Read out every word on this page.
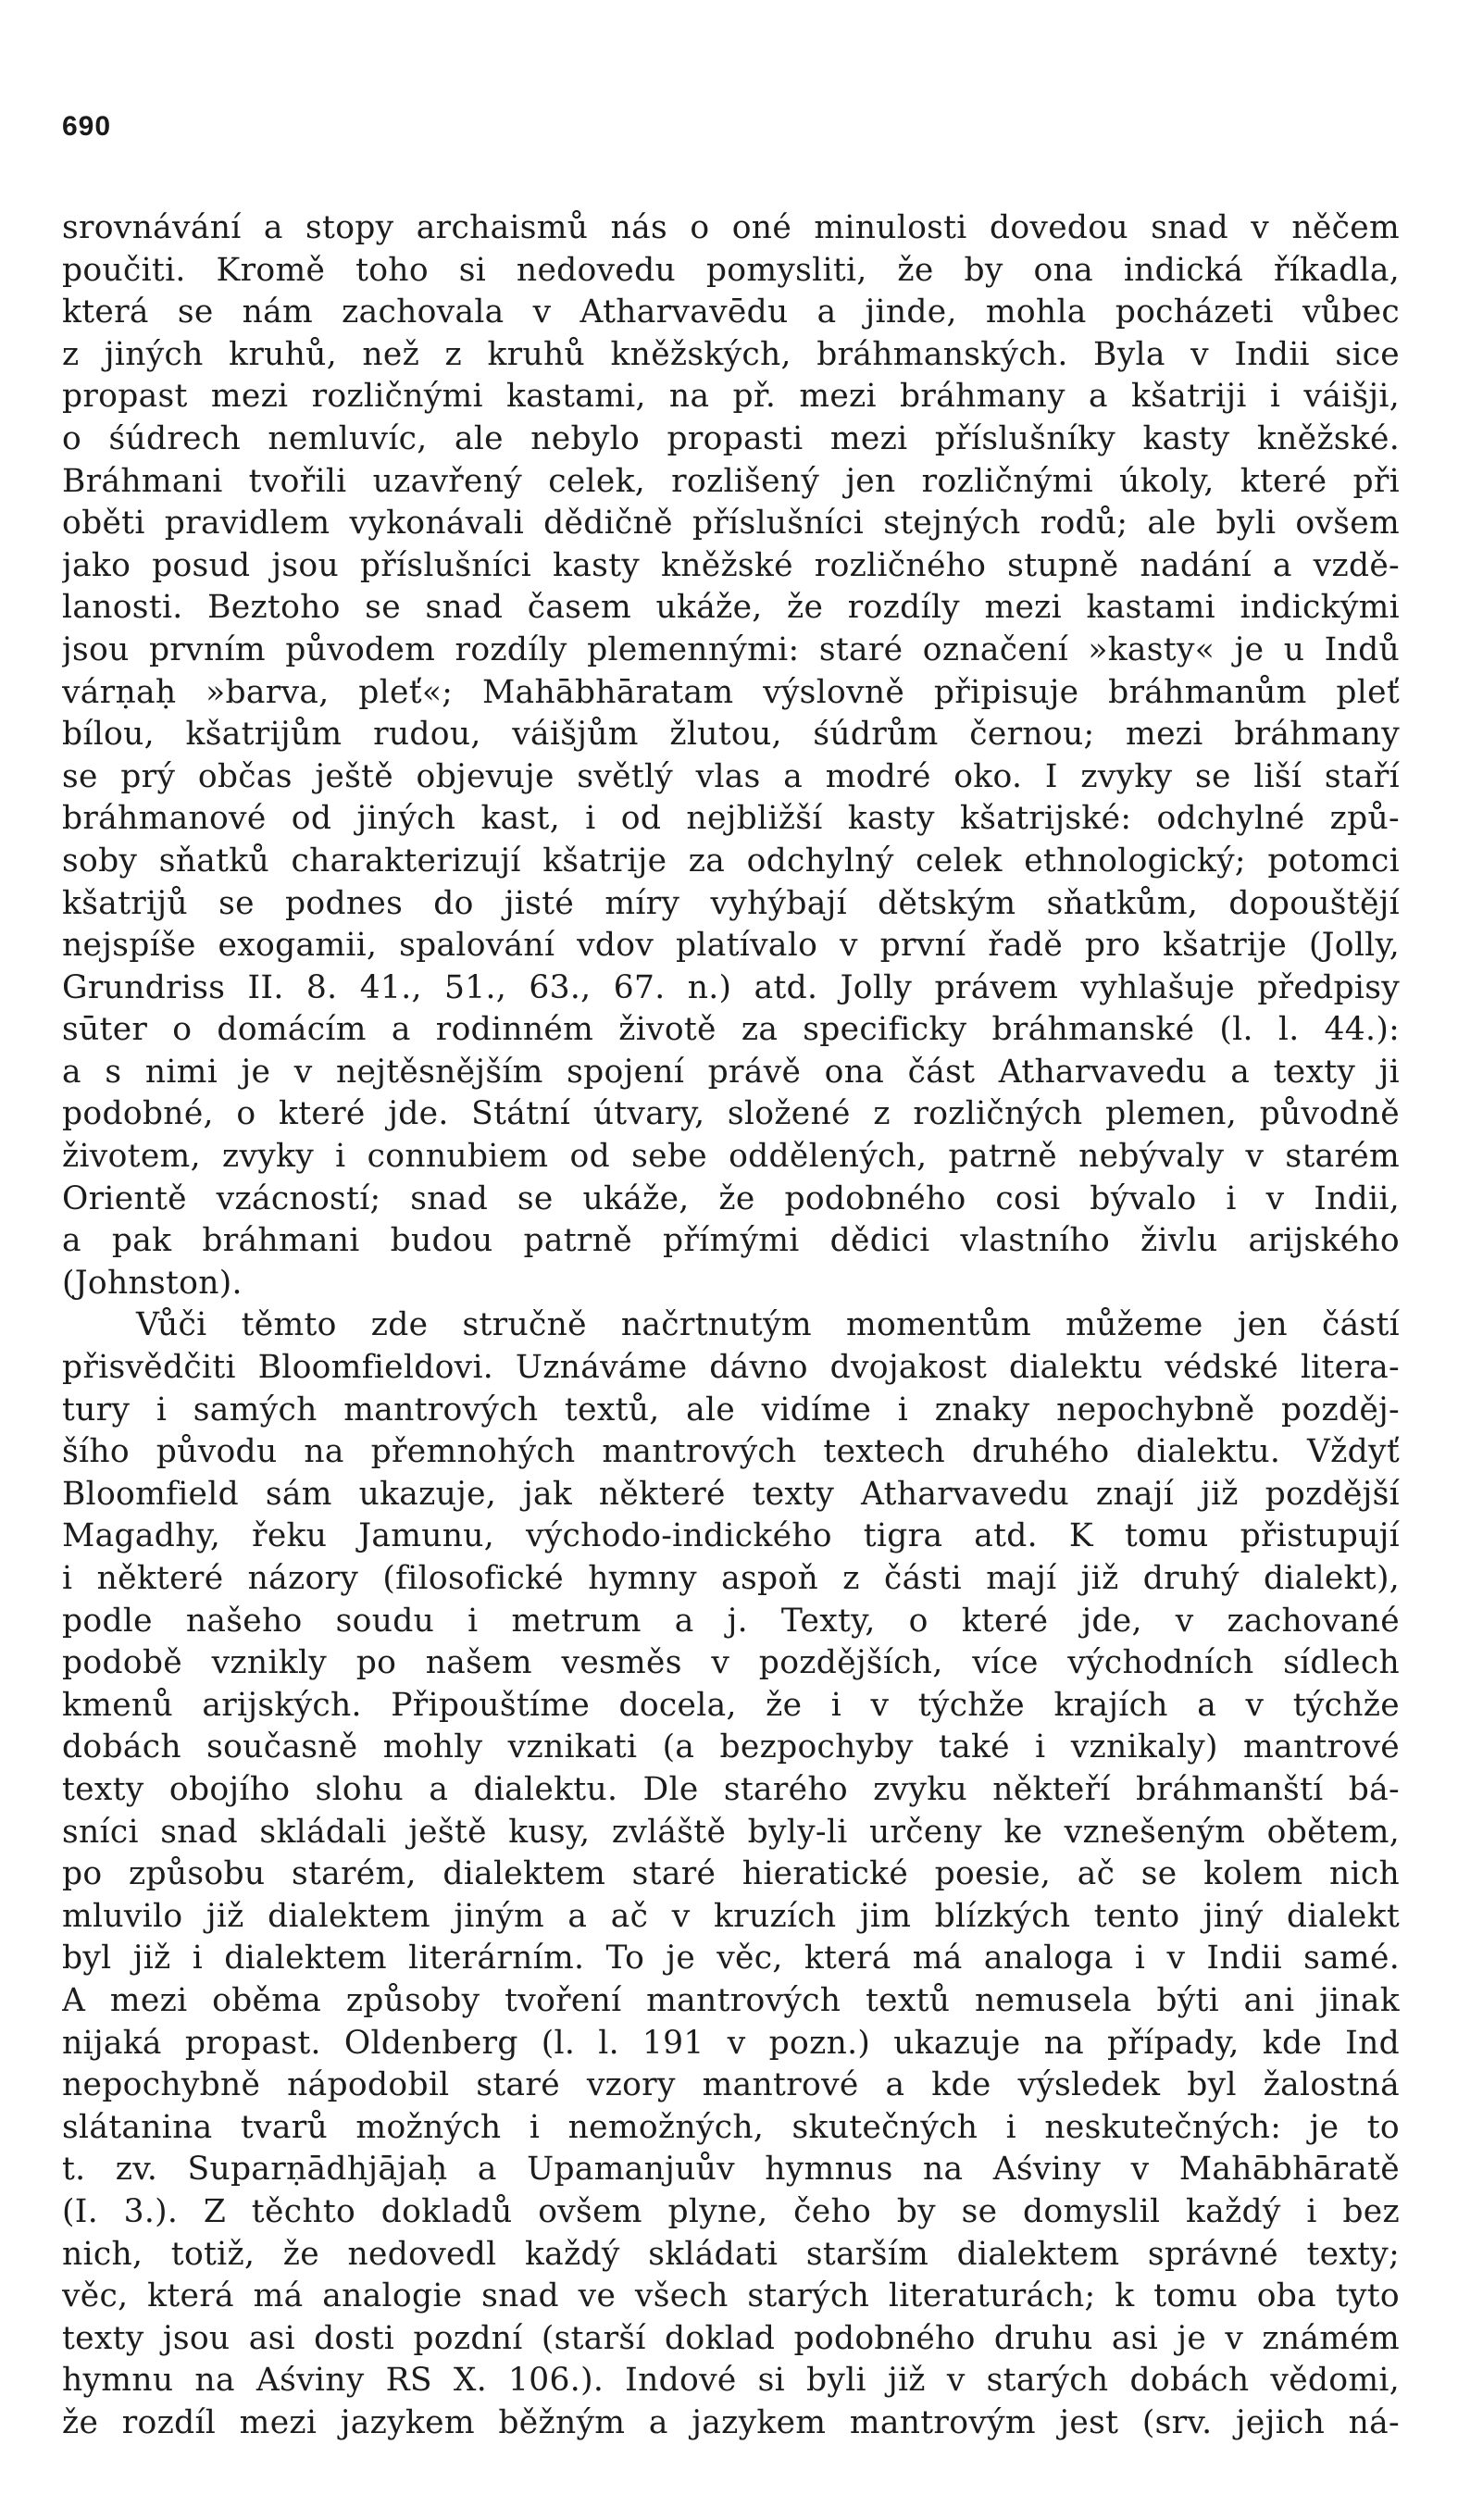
690
srovnávání a stopy archaismů nás o oné minulosti dovedou snad v něčem
poučiti. Kromě toho si nedovedu pomysliti, že by ona indická říkadla,
která se nám zachovala v Atharvavēdu a jinde, mohla pocházeti vůbec
z jiných kruhů, než z kruhů kněžských, bráhmanských. Byla v Indii sice
propast mezi rozličnými kastami, na př. mezi bráhmany a kšatriji i váišji,
o śúdrech nemluvíc, ale nebylo propasti mezi příslušníky kasty kněžské.
Bráhmani tvořili uzavřený celek, rozlišený jen rozličnými úkoly, které při
oběti pravidlem vykonávali dědičně příslušníci stejných rodů; ale byli ovšem
jako posud jsou příslušníci kasty kněžské rozličného stupně nadání a vzdě-
lanosti. Beztoho se snad časem ukáže, že rozdíly mezi kastami indickými
jsou prvním původem rozdíly plemennými: staré označení »kasty« je u Indů
várṇaḥ »barva, pleť«; Mahābhāratam výslovně připisuje bráhmanům pleť
bílou, kšatrijům rudou, váišjům žlutou, śúdrům černou; mezi bráhmany
se prý občas ještě objevuje světlý vlas a modré oko. I zvyky se liší staří
bráhmanové od jiných kast, i od nejbližší kasty kšatrijské: odchylné způ-
soby sňatků charakterizují kšatrije za odchylný celek ethnologický; potomci
kšatrijů se podnes do jisté míry vyhýbají dětským sňatkům, dopouštějí
nejspíše exogamii, spalování vdov platívalo v první řadě pro kšatrije (Jolly,
Grundriss II. 8. 41., 51., 63., 67. n.) atd. Jolly právem vyhlašuje předpisy
sūter o domácím a rodinném životě za specificky bráhmanské (l. l. 44.):
a s nimi je v nejtěsnějším spojení právě ona část Atharvavedu a texty ji
podobné, o které jde. Státní útvary, složené z rozličných plemen, původně
životem, zvyky i connubiem od sebe oddělených, patrně nebývaly v starém
Orientě vzácností; snad se ukáže, že podobného cosi bývalo i v Indii,
a pak bráhmani budou patrně přímými dědici vlastního živlu arijského
(Johnston).
Vůči těmto zde stručně načrtnutým momentům můžeme jen částí
přisvědčiti Bloomfieldovi. Uznáváme dávno dvojakost dialektu védské litera-
tury i samých mantrových textů, ale vidíme i znaky nepochybně pozděj-
šího původu na přemnohých mantrových textech druhého dialektu. Vždyť
Bloomfield sám ukazuje, jak některé texty Atharvavedu znají již pozdější
Magadhy, řeku Jamunu, východo-indického tigra atd. K tomu přistupují
i některé názory (filosofické hymny aspoň z části mají již druhý dialekt),
podle našeho soudu i metrum a j. Texty, o které jde, v zachované
podobě vznikly po našem vesměs v pozdějších, více východních sídlech
kmenů arijských. Připouštíme docela, že i v týchže krajích a v týchže
dobách současně mohly vznikati (a bezpochyby také i vznikaly) mantrové
texty obojího slohu a dialektu. Dle starého zvyku někteří bráhmanští bá-
sníci snad skládali ještě kusy, zvláště byly-li určeny ke vznešeným obětem,
po způsobu starém, dialektem staré hieratické poesie, ač se kolem nich
mluvilo již dialektem jiným a ač v kruzích jim blízkých tento jiný dialekt
byl již i dialektem literárním. To je věc, která má analoga i v Indii samé.
A mezi oběma způsoby tvoření mantrových textů nemusela býti ani jinak
nijaká propast. Oldenberg (l. l. 191 v pozn.) ukazuje na případy, kde Ind
nepochybně nápodobil staré vzory mantrové a kde výsledek byl žalostná
slátanina tvarů možných i nemožných, skutečných i neskutečných: je to
t. zv. Suparṇādhjājaḥ a Upamanjuův hymnus na Aśviny v Mahābhāratě
(I. 3.). Z těchto dokladů ovšem plyne, čeho by se domyslil každý i bez
nich, totiž, že nedovedl každý skládati starším dialektem správné texty;
věc, která má analogie snad ve všech starých literaturách; k tomu oba tyto
texty jsou asi dosti pozdní (starší doklad podobného druhu asi je v známém
hymnu na Aśviny RS X. 106.). Indové si byli již v starých dobách vědomi,
že rozdíl mezi jazykem běžným a jazykem mantrovým jest (srv. jejich ná-
